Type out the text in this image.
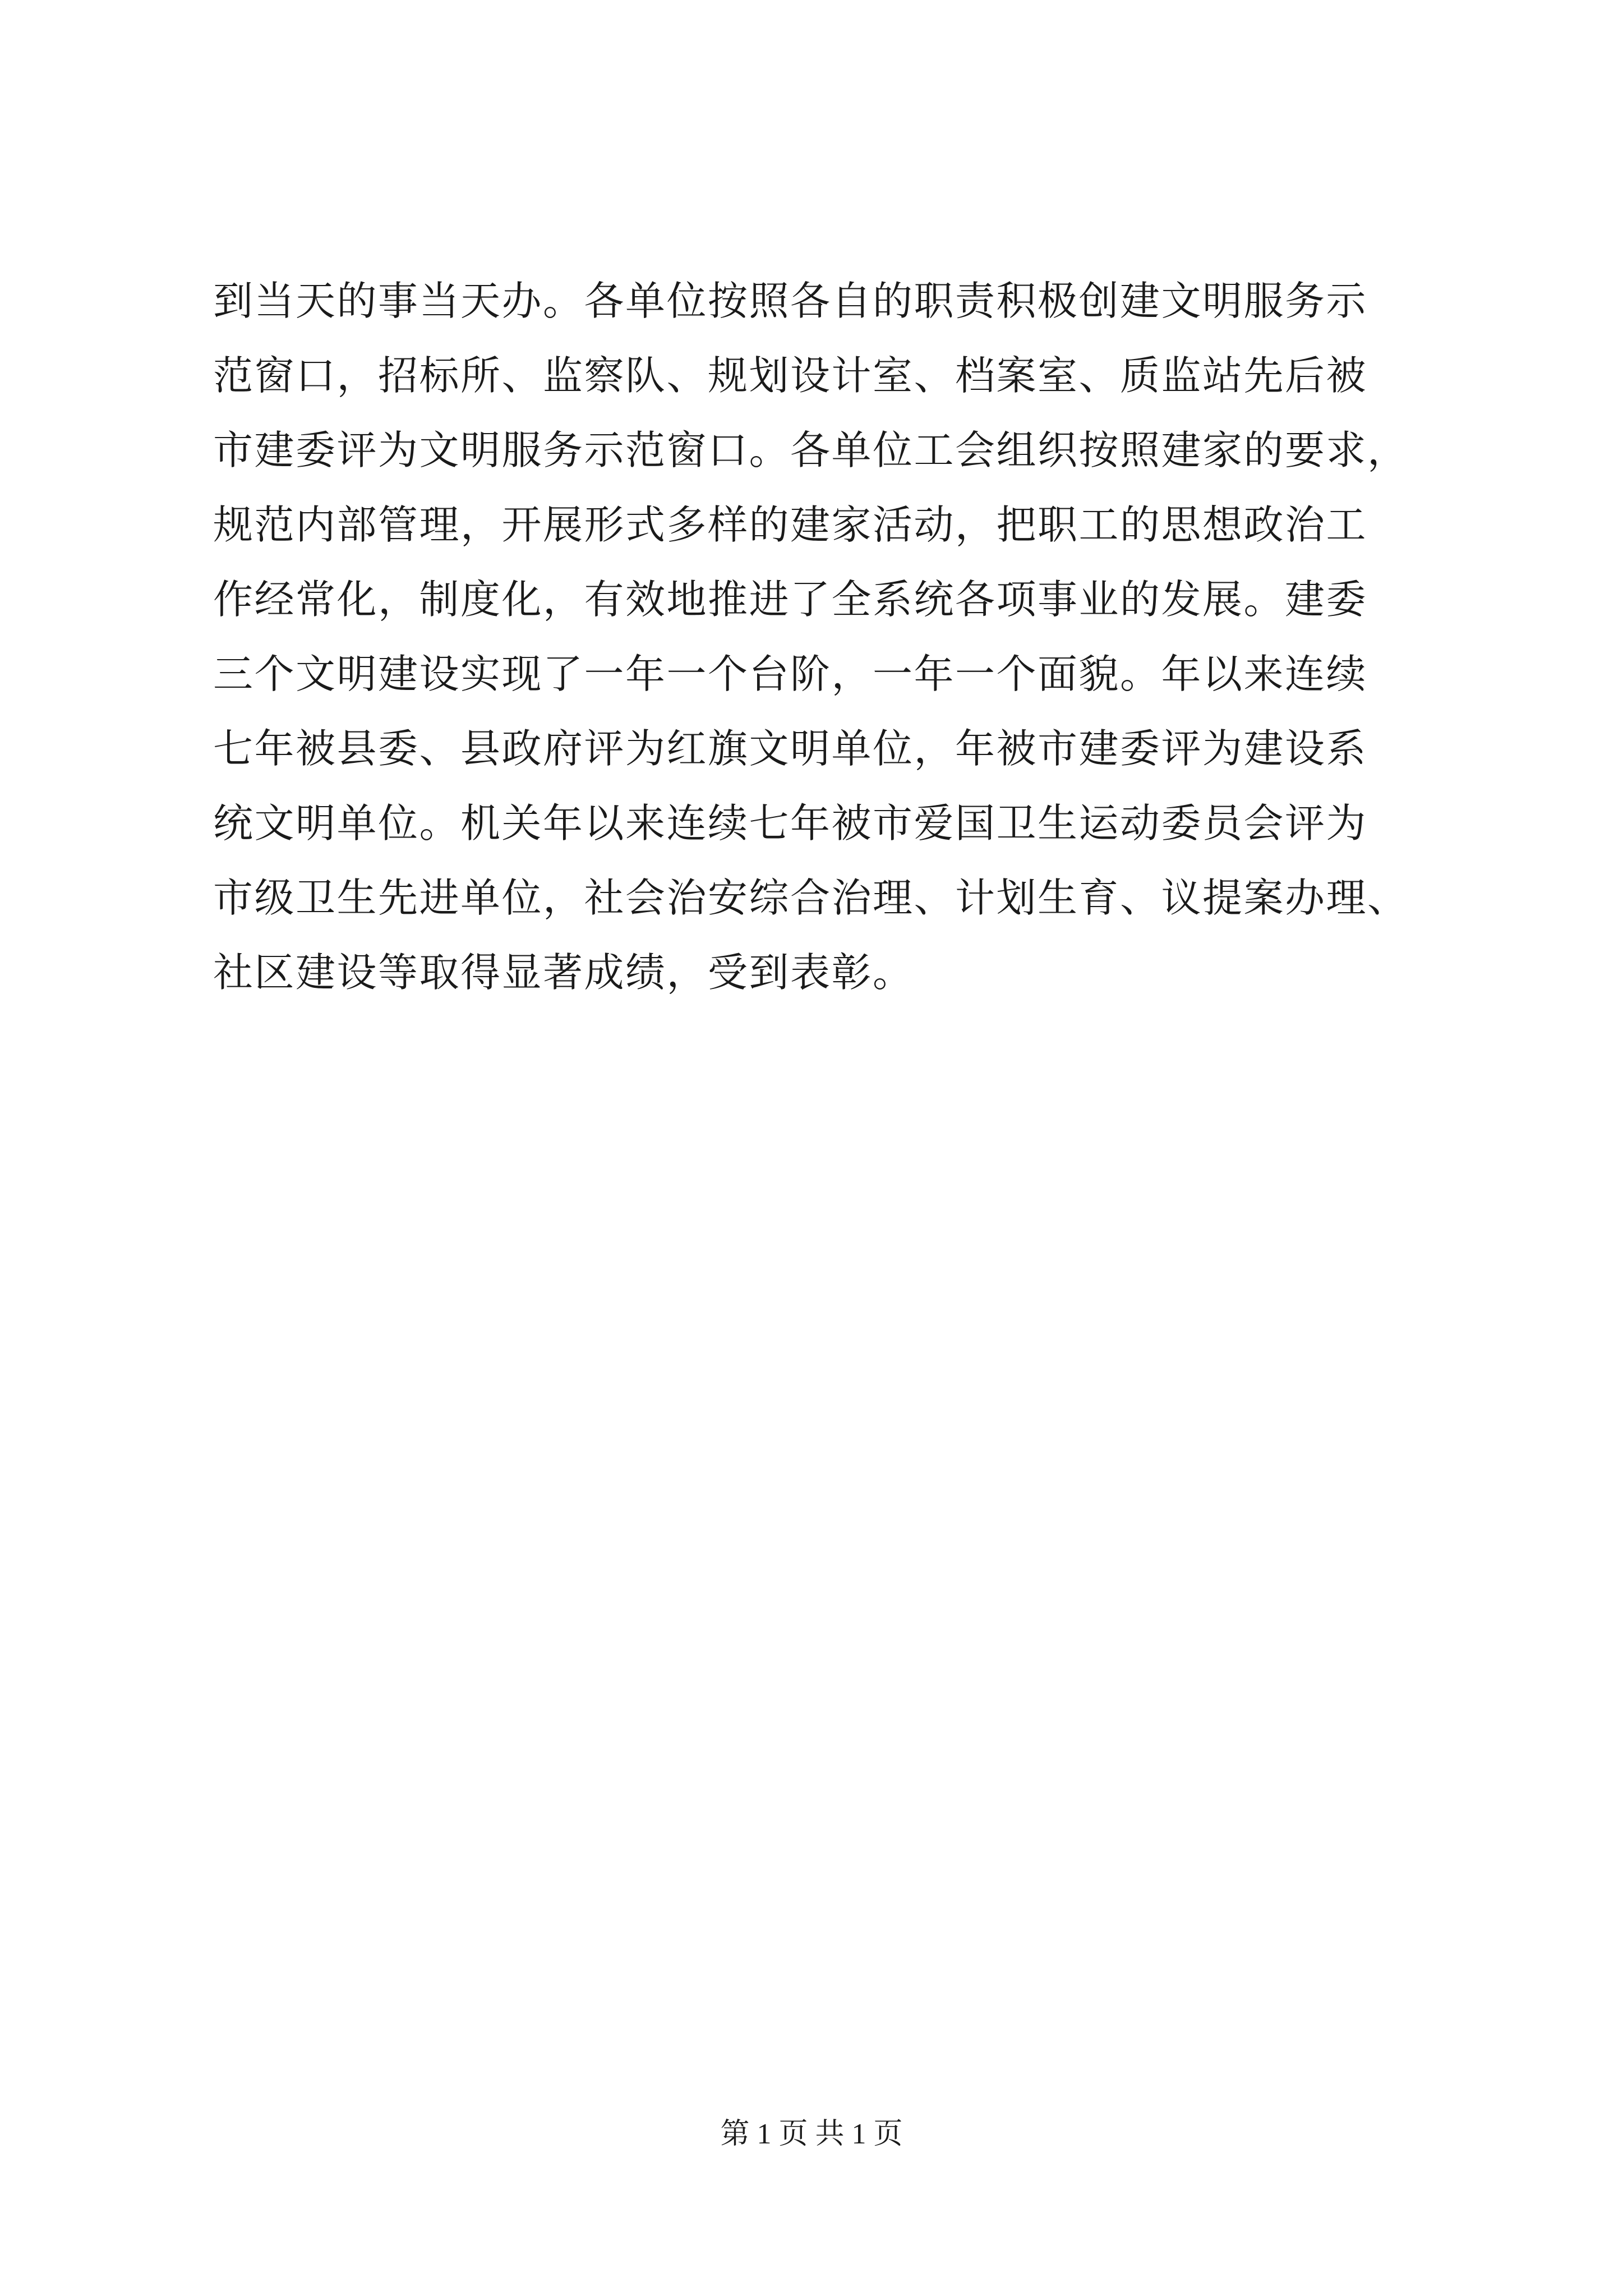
到当天的事当天办。各单位按照各自的职责积极创建文明服务示
范窗口，招标所、监察队、规划设计室、档案室、质监站先后被
市建委评为文明服务示范窗口。各单位工会组织按照建家的要求，
规范内部管理，开展形式多样的建家活动，把职工的思想政治工
作经常化，制度化，有效地推进了全系统各项事业的发展。建委
三个文明建设实现了一年一个台阶，一年一个面貌。年以来连续
七年被县委、县政府评为红旗文明单位，年被市建委评为建设系
统文明单位。机关年以来连续七年被市爱国卫生运动委员会评为
市级卫生先进单位，社会治安综合治理、计划生育、议提案办理、
社区建设等取得显著成绩，受到表彰。
第 1 页 共 1 页
